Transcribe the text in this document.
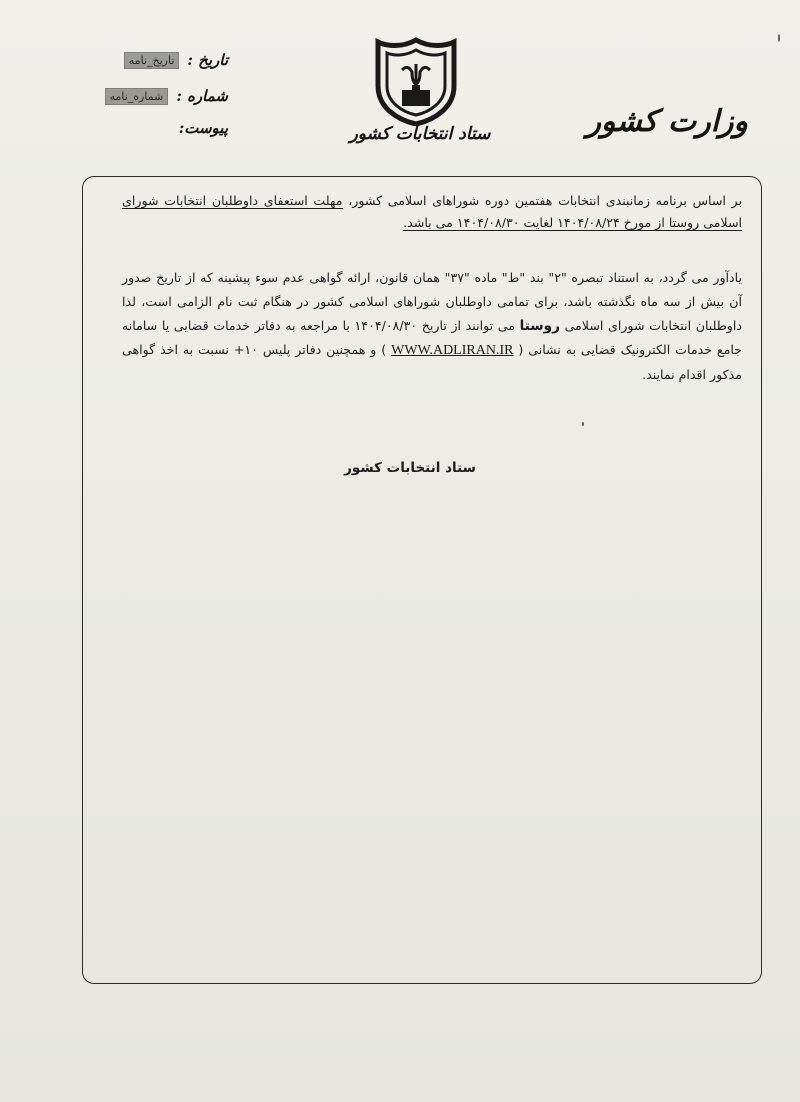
وزارت کشور
ستاد انتخابات کشور
تاریخ :
تاریخ_نامه
شماره :
شماره_نامه
پیوست:
بر اساس برنامه زمانبندی انتخابات هفتمین دوره شوراهای اسلامی کشور، مهلت استعفای داوطلبان انتخابات شورای اسلامی روستا از مورخ ۱۴۰۴/۰۸/۲۴ لغایت ۱۴۰۴/۰۸/۳۰ می باشد.
یادآور می گردد، به استناد تبصره "۲" بند "ط" ماده "۳۷" همان قانون، ارائه گواهی عدم سوء پیشینه که از تاریخ صدور آن بیش از سه ماه نگذشته باشد، برای تمامی داوطلبان شوراهای اسلامی کشور در هنگام ثبت نام الزامی است، لذا داوطلبان انتخابات شورای اسلامی روستا می توانند از تاریخ ۱۴۰۴/۰۸/۳۰ با مراجعه به دفاتر خدمات قضایی یا سامانه جامع خدمات الکترونیک قضایی به نشانی ( WWW.ADLIRAN.IR ) و همچنین دفاتر پلیس ۱۰+ نسبت به اخذ گواهی مذکور اقدام نمایند.
ستاد انتخابات کشور
